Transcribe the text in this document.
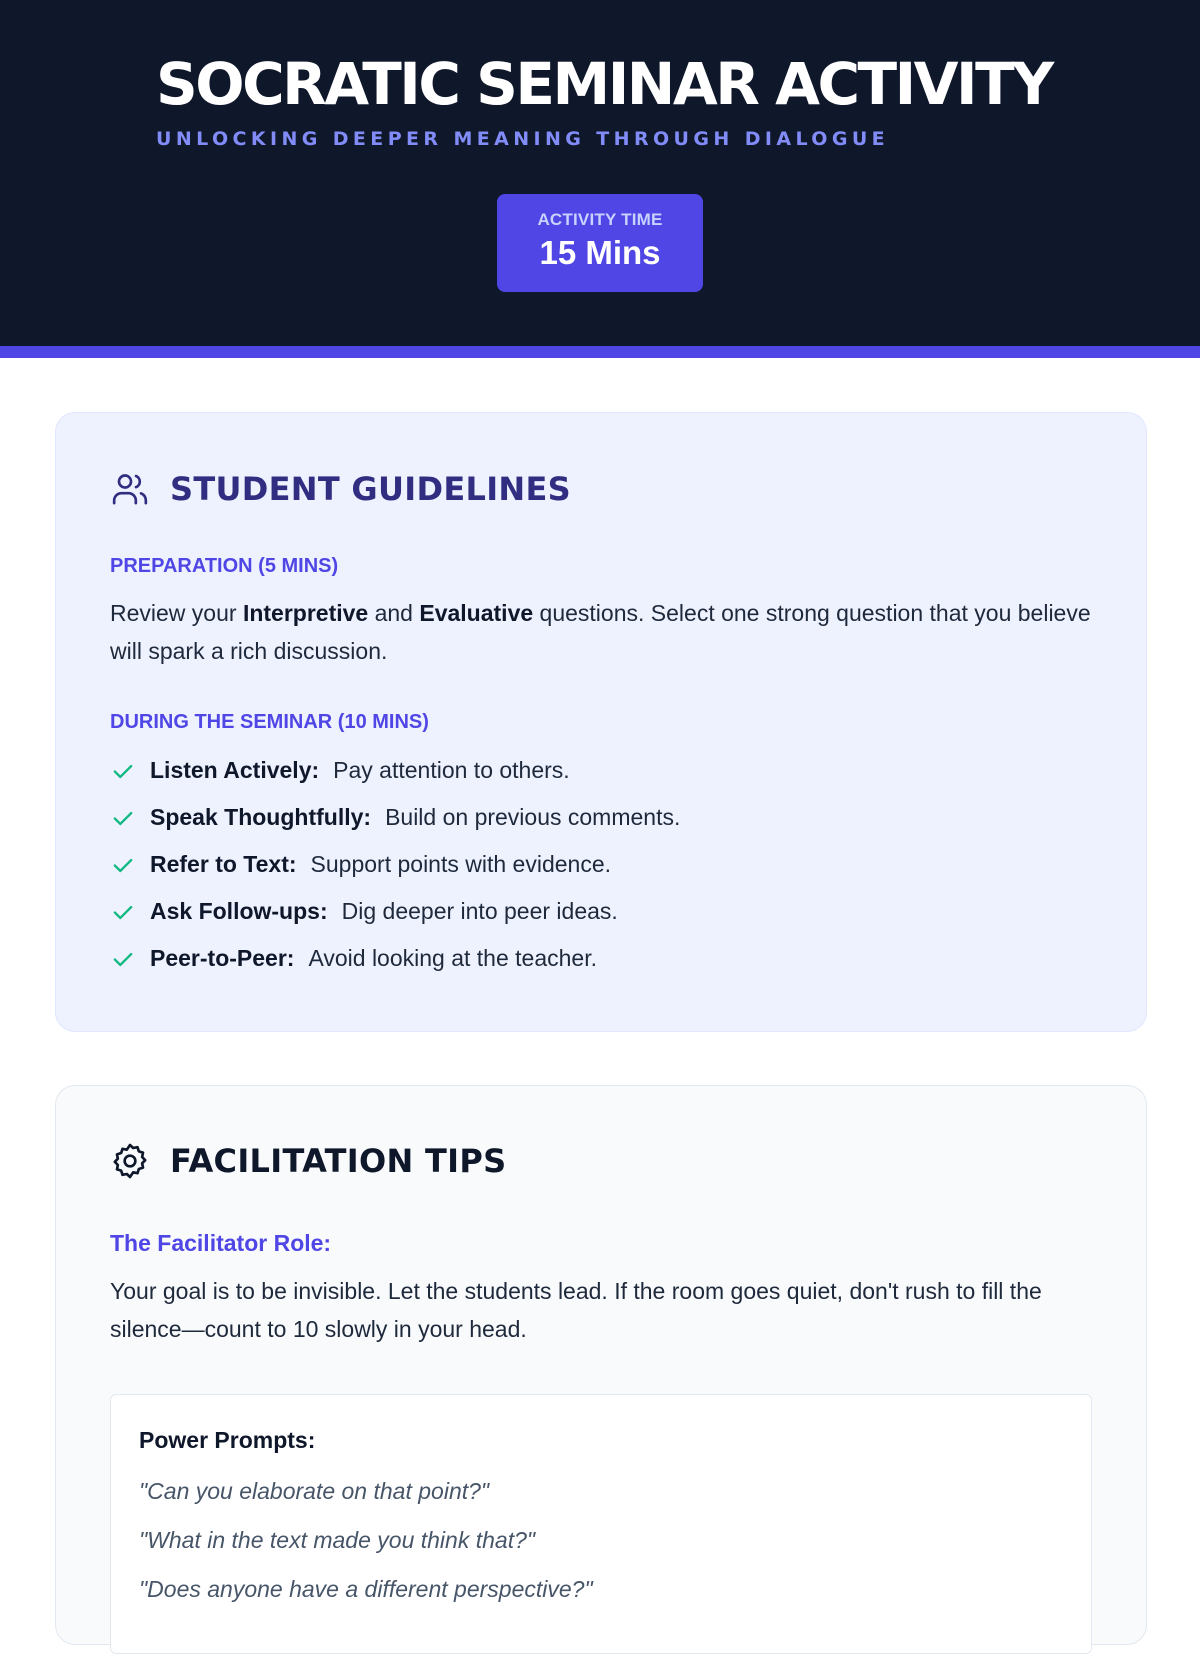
SOCRATIC SEMINAR ACTIVITY
UNLOCKING DEEPER MEANING THROUGH DIALOGUE
ACTIVITY TIME
15 Mins
STUDENT GUIDELINES
PREPARATION (5 MINS)

Review your Interpretive and Evaluative questions. Select one strong question that you believe will spark a rich discussion.

DURING THE SEMINAR (10 MINS)
Listen Actively: Pay attention to others.
Speak Thoughtfully: Build on previous comments.
Refer to Text: Support points with evidence.
Ask Follow-ups: Dig deeper into peer ideas.
Peer-to-Peer: Avoid looking at the teacher.
FACILITATION TIPS
The Facilitator Role:

Your goal is to be invisible. Let the students lead. If the room goes quiet, don't rush to fill the silence—count to 10 slowly in your head.

Power Prompts:
"Can you elaborate on that point?"
"What in the text made you think that?"
"Does anyone have a different perspective?"
